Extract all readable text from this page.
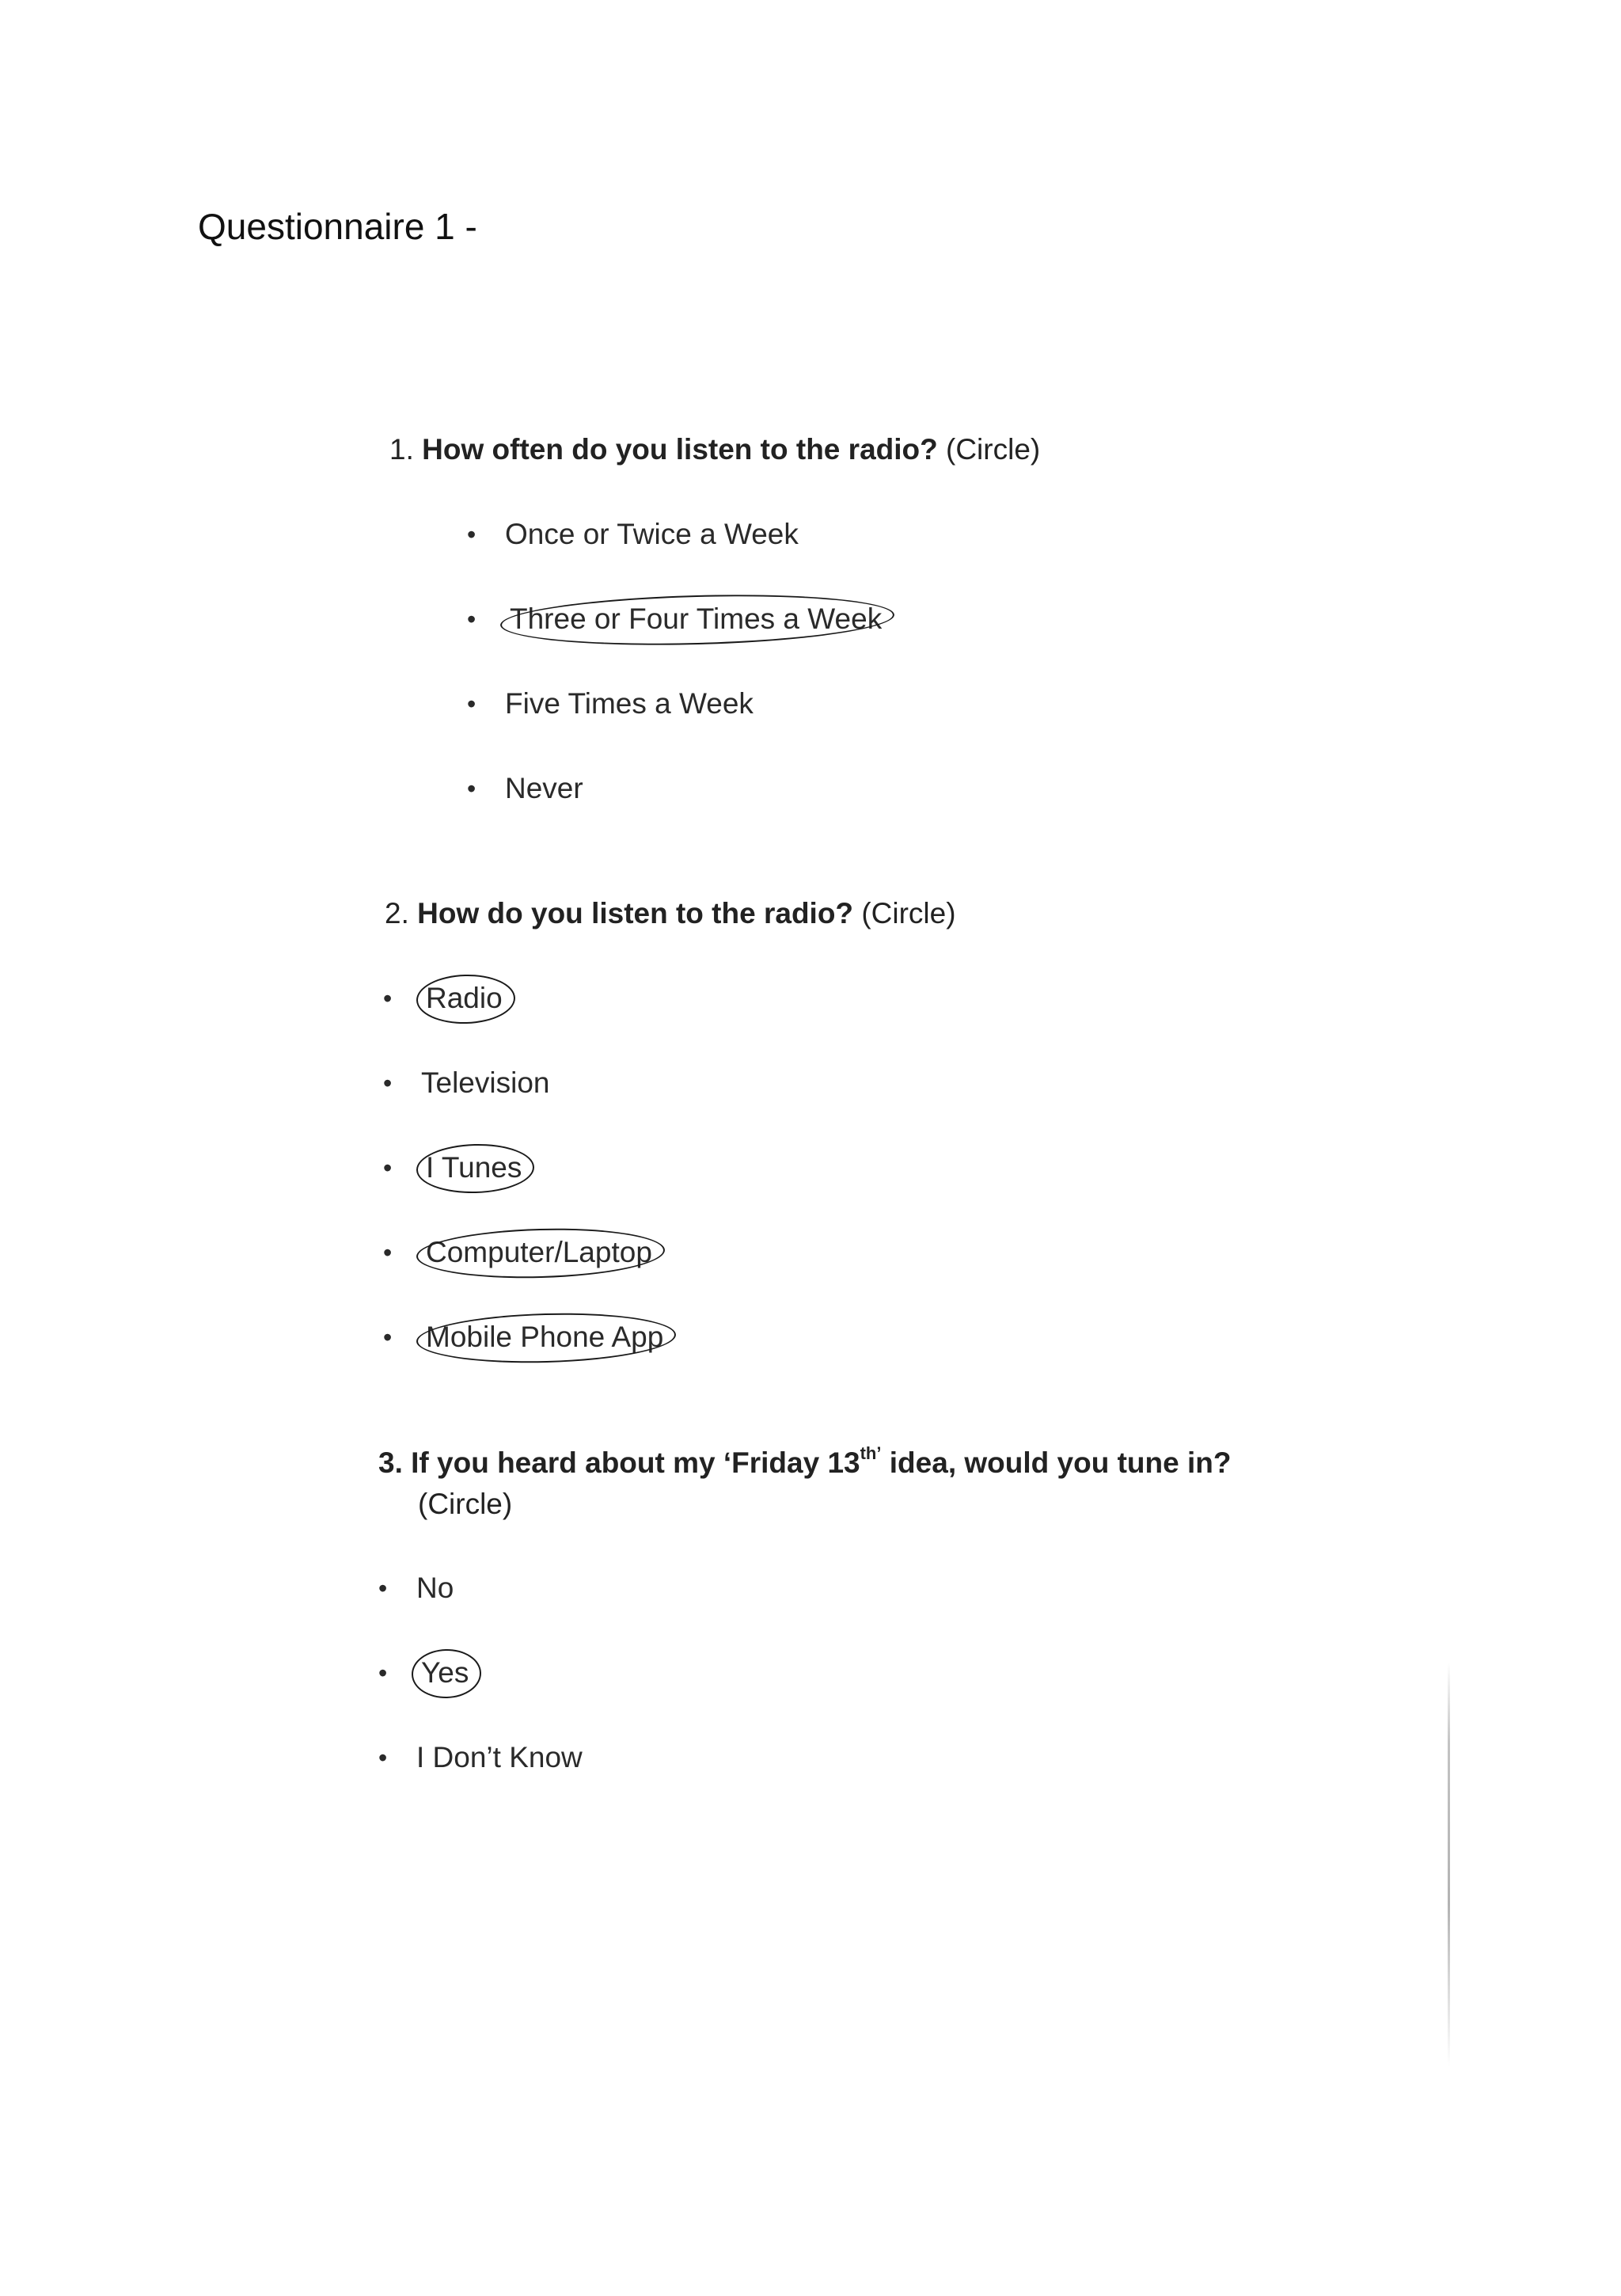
Questionnaire 1 -
1. How often do you listen to the radio? (Circle)
• Once or Twice a Week
• Three or Four Times a Week
• Five Times a Week
• Never
2. How do you listen to the radio? (Circle)
• Radio
• Television
• I Tunes
• Computer/Laptop
• Mobile Phone App
3. If you heard about my ‘Friday $13^{th’}$ idea, would you tune in?
(Circle)
• No
• Yes
• I Don’t Know
